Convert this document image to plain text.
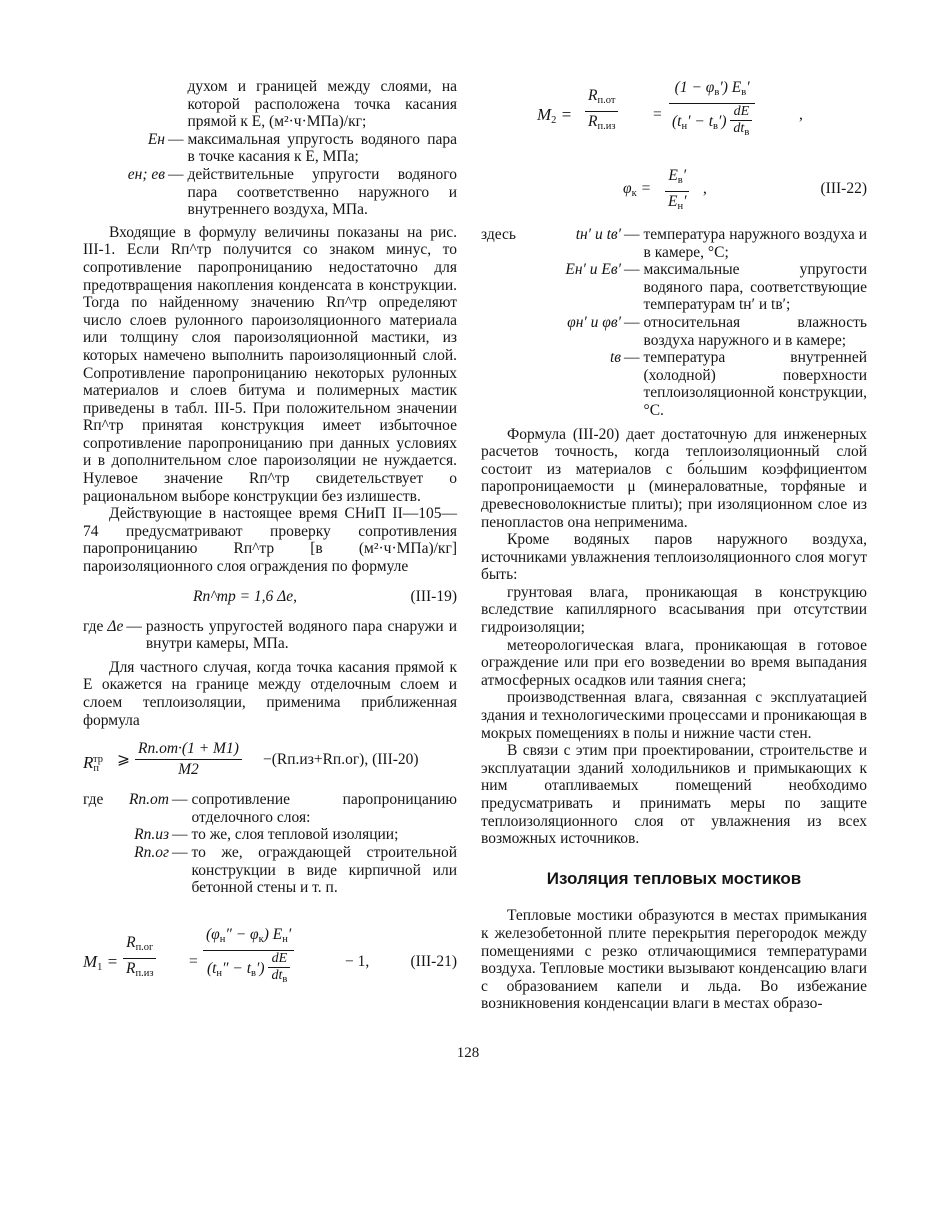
духом и границей между слоями, на которой расположена точка касания прямой к E, (м²·ч·МПа)/кг;
Eн — максимальная упругость водяного пара в точке касания к E, МПа;
eн; eв — действительные упругости водяного пара соответственно наружного и внутреннего воздуха, МПа.

Входящие в формулу величины показаны на рис. III-1. Если Rп^тр получится со знаком минус, то сопротивление паропроницанию недостаточно для предотвращения накопления конденсата в конструкции. Тогда по найденному значению Rп^тр определяют число слоев рулонного пароизоляционного материала или толщину слоя пароизоляционной мастики, из которых намечено выполнить пароизоляционный слой. Сопротивление паропроницанию некоторых рулонных материалов и слоев битума и полимерных мастик приведены в табл. III-5. При положительном значении Rп^тр принятая конструкция имеет избыточное сопротивление паропроницанию при данных условиях и в дополнительном слое пароизоляции не нуждается. Нулевое значение Rп^тр свидетельствует о рациональном выборе конструкции без излишеств.

Действующие в настоящее время СНиП II—105—74 предусматривают проверку сопротивления паропроницанию Rп^тр [в (м²·ч·МПа)/кг] пароизоляционного слоя ограждения по формуле

Rп^тр = 1,6 Δe,	(III-19)
где Δe — разность упругостей водяного пара снаружи и внутри камеры, МПа.

Для частного случая, когда точка касания прямой к E окажется на границе между отделочным слоем и слоем теплоизоляции, применима приближенная формула

$R_п^{тр}$ ⩾
Rп.от·(1 + M1)
M2
−(Rп.из+Rп.ог), (III-20)
где	Rп.от — сопротивление паропроницанию отделочного слоя:
Rп.из — то же, слоя тепловой изоляции;
Rп.ог — то же, ограждающей строительной конструкции в виде кирпичной или бетонной стены и т. п.
$M_1$ =
$R_{п.ог}$
$R_{п.из}$
=
$(\varphi_н'' - \varphi_к)$ $E_н'$
$(t_н'' - t_в') \frac{dE}{dt_в}$	− 1,	(III-21)
$M_2$ =
$R_{п.от}$
$R_{п.из}$
=
$(1 - \varphi_в')$ $E_в'$
$(t_н' - t_в') \frac{dE}{dt_в}$	,
$\varphi_к$ =
$E_в'$
$E_н'$
,	(III-22)
здесь	tн′ и tв′ — температура наружного воздуха и в камере, °C;
Eн′ и Eв′ — максимальные упругости водяного пара, соответствующие температурам tн′ и tв′;
φн′ и φв′ — относительная влажность воздуха наружного и в камере;
tв — температура внутренней (холодной) поверхности теплоизоляционной конструкции, °C.

Формула (III-20) дает достаточную для инженерных расчетов точность, когда теплоизоляционный слой состоит из материалов с бо́льшим коэффициентом паропроницаемости μ (минераловатные, торфяные и древесноволокнистые плиты); при изоляционном слое из пенопластов она неприменима.

Кроме водяных паров наружного воздуха, источниками увлажнения теплоизоляционного слоя могут быть:

грунтовая влага, проникающая в конструкцию вследствие капиллярного всасывания при отсутствии гидроизоляции;

метеорологическая влага, проникающая в готовое ограждение или при его возведении во время выпадания атмосферных осадков или таяния снега;

производственная влага, связанная с эксплуатацией здания и технологическими процессами и проникающая в мокрых помещениях в полы и нижние части стен.

В связи с этим при проектировании, строительстве и эксплуатации зданий холодильников и примыкающих к ним отапливаемых помещений необходимо предусматривать и принимать меры по защите теплоизоляционного слоя от увлажнения из всех возможных источников.

Изоляция тепловых мостиков

Тепловые мостики образуются в местах примыкания к железобетонной плите перекрытия перегородок между помещениями с резко отличающимися температурами воздуха. Тепловые мостики вызывают конденсацию влаги с образованием капели и льда. Во избежание возникновения конденсации влаги в местах образо-

128
